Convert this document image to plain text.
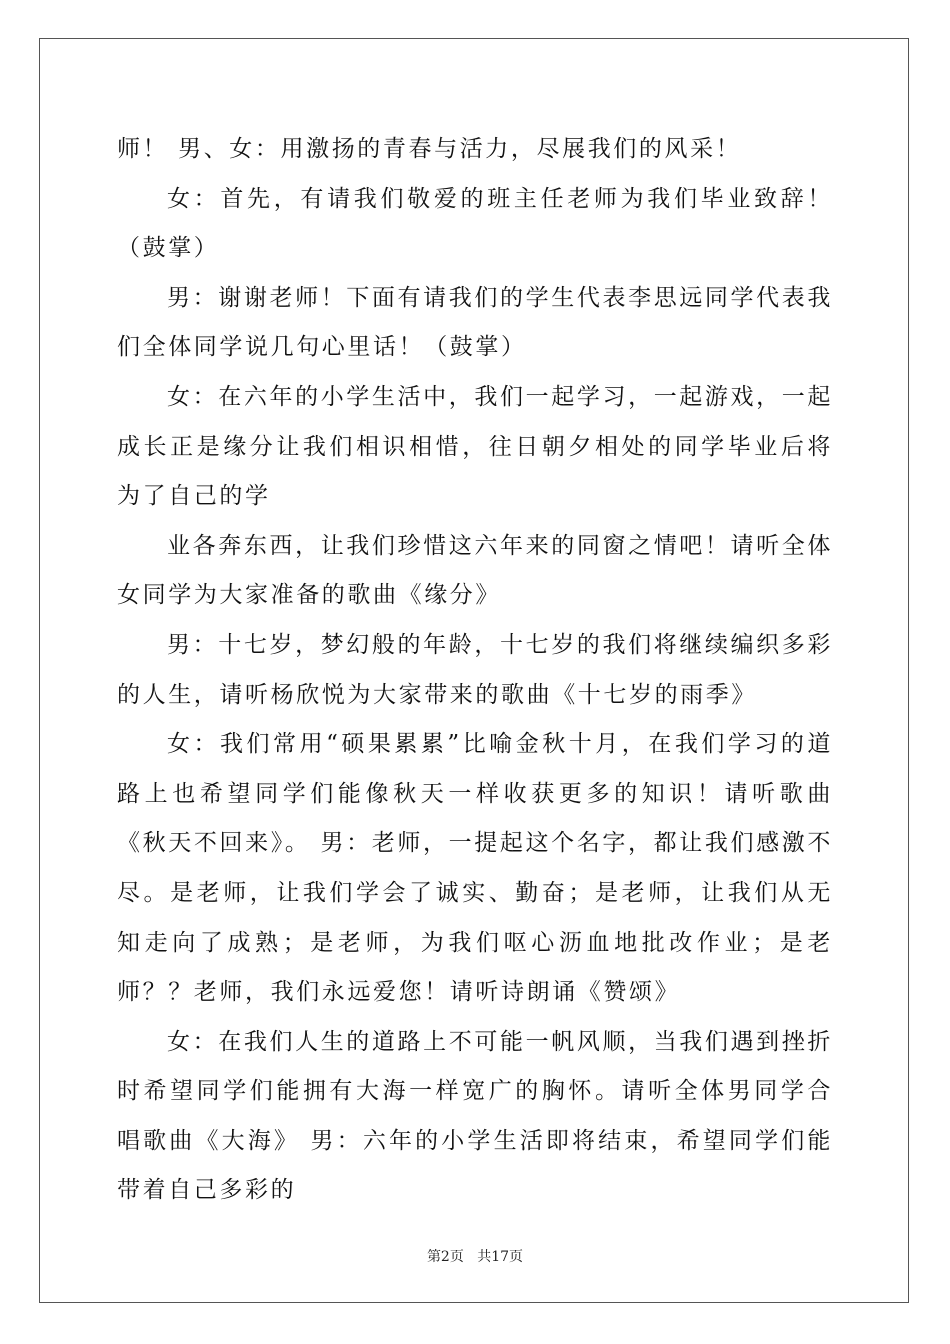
师！ 男、女：用激扬的青春与活力，尽展我们的风采！

女：首先，有请我们敬爱的班主任老师为我们毕业致辞！（鼓掌）

男：谢谢老师！下面有请我们的学生代表李思远同学代表我们全体同学说几句心里话！（鼓掌）

女：在六年的小学生活中，我们一起学习，一起游戏，一起成长正是缘分让我们相识相惜，往日朝夕相处的同学毕业后将为了自己的学

业各奔东西，让我们珍惜这六年来的同窗之情吧！请听全体女同学为大家准备的歌曲《缘分》

男：十七岁，梦幻般的年龄，十七岁的我们将继续编织多彩的人生，请听杨欣悦为大家带来的歌曲《十七岁的雨季》

女：我们常用“硕果累累”比喻金秋十月，在我们学习的道路上也希望同学们能像秋天一样收获更多的知识！请听歌曲《秋天不回来》。 男：老师，一提起这个名字，都让我们感激不尽。是老师，让我们学会了诚实、勤奋；是老师，让我们从无知走向了成熟；是老师，为我们呕心沥血地批改作业；是老师？？老师，我们永远爱您！请听诗朗诵《赞颂》

女：在我们人生的道路上不可能一帆风顺，当我们遇到挫折时希望同学们能拥有大海一样宽广的胸怀。请听全体男同学合唱歌曲《大海》 男：六年的小学生活即将结束，希望同学们能带着自己多彩的

第2页 共17页
